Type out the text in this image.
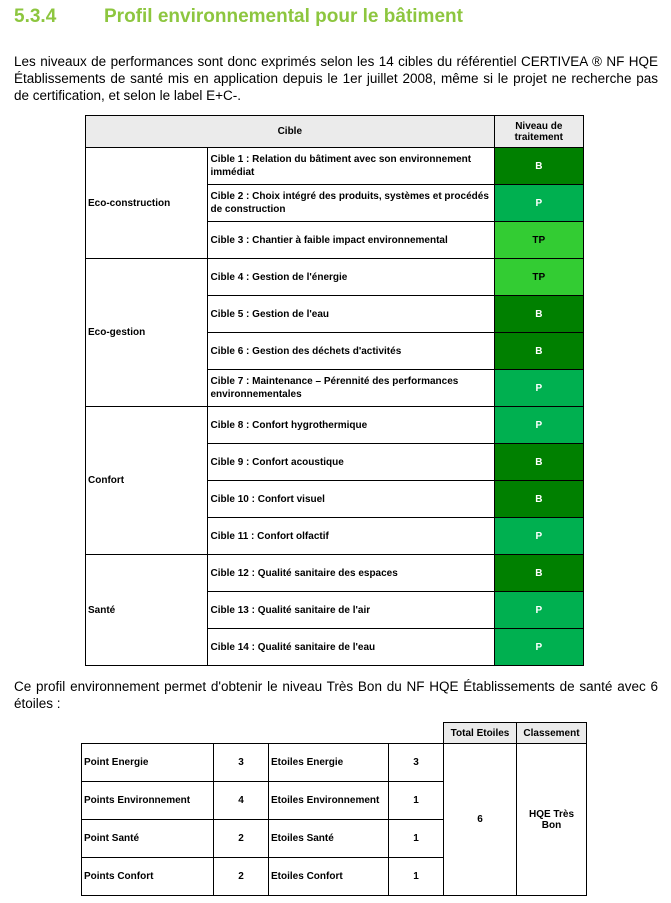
5.3.4	Profil environnemental pour le bâtiment
Les niveaux de performances sont donc exprimés selon les 14 cibles du référentiel CERTIVEA ® NF HQE Établissements de santé mis en application depuis le 1er juillet 2008, même si le projet ne recherche pas de certification, et selon le label E+C-.
Cible		Niveau de traitement
Eco-construction	Cible 1 : Relation du bâtiment avec son environnement immédiat	B
	Cible 2 : Choix intégré des produits, systèmes et procédés de construction	P
	Cible 3 : Chantier à faible impact environnemental	TP
Eco-gestion	Cible 4 : Gestion de l'énergie	TP
	Cible 5 : Gestion de l'eau	B
	Cible 6 : Gestion des déchets d'activités	B
	Cible 7 : Maintenance – Pérennité des performances environnementales	P
Confort	Cible 8 : Confort hygrothermique	P
	Cible 9 : Confort acoustique	B
	Cible 10 : Confort visuel	B
	Cible 11 : Confort olfactif	P
Santé	Cible 12 : Qualité sanitaire des espaces	B
	Cible 13 : Qualité sanitaire de l'air	P
	Cible 14 : Qualité sanitaire de l'eau	P
Ce profil environnement permet d'obtenir le niveau Très Bon du NF HQE Établissements de santé avec 6 étoiles :
				Total Etoiles	Classement
Point Energie	3	Etoiles Energie	3	6	HQE Très Bon
Points Environnement	4	Etoiles Environnement	1		
Point Santé	2	Etoiles Santé	1		
Points Confort	2	Etoiles Confort	1		
